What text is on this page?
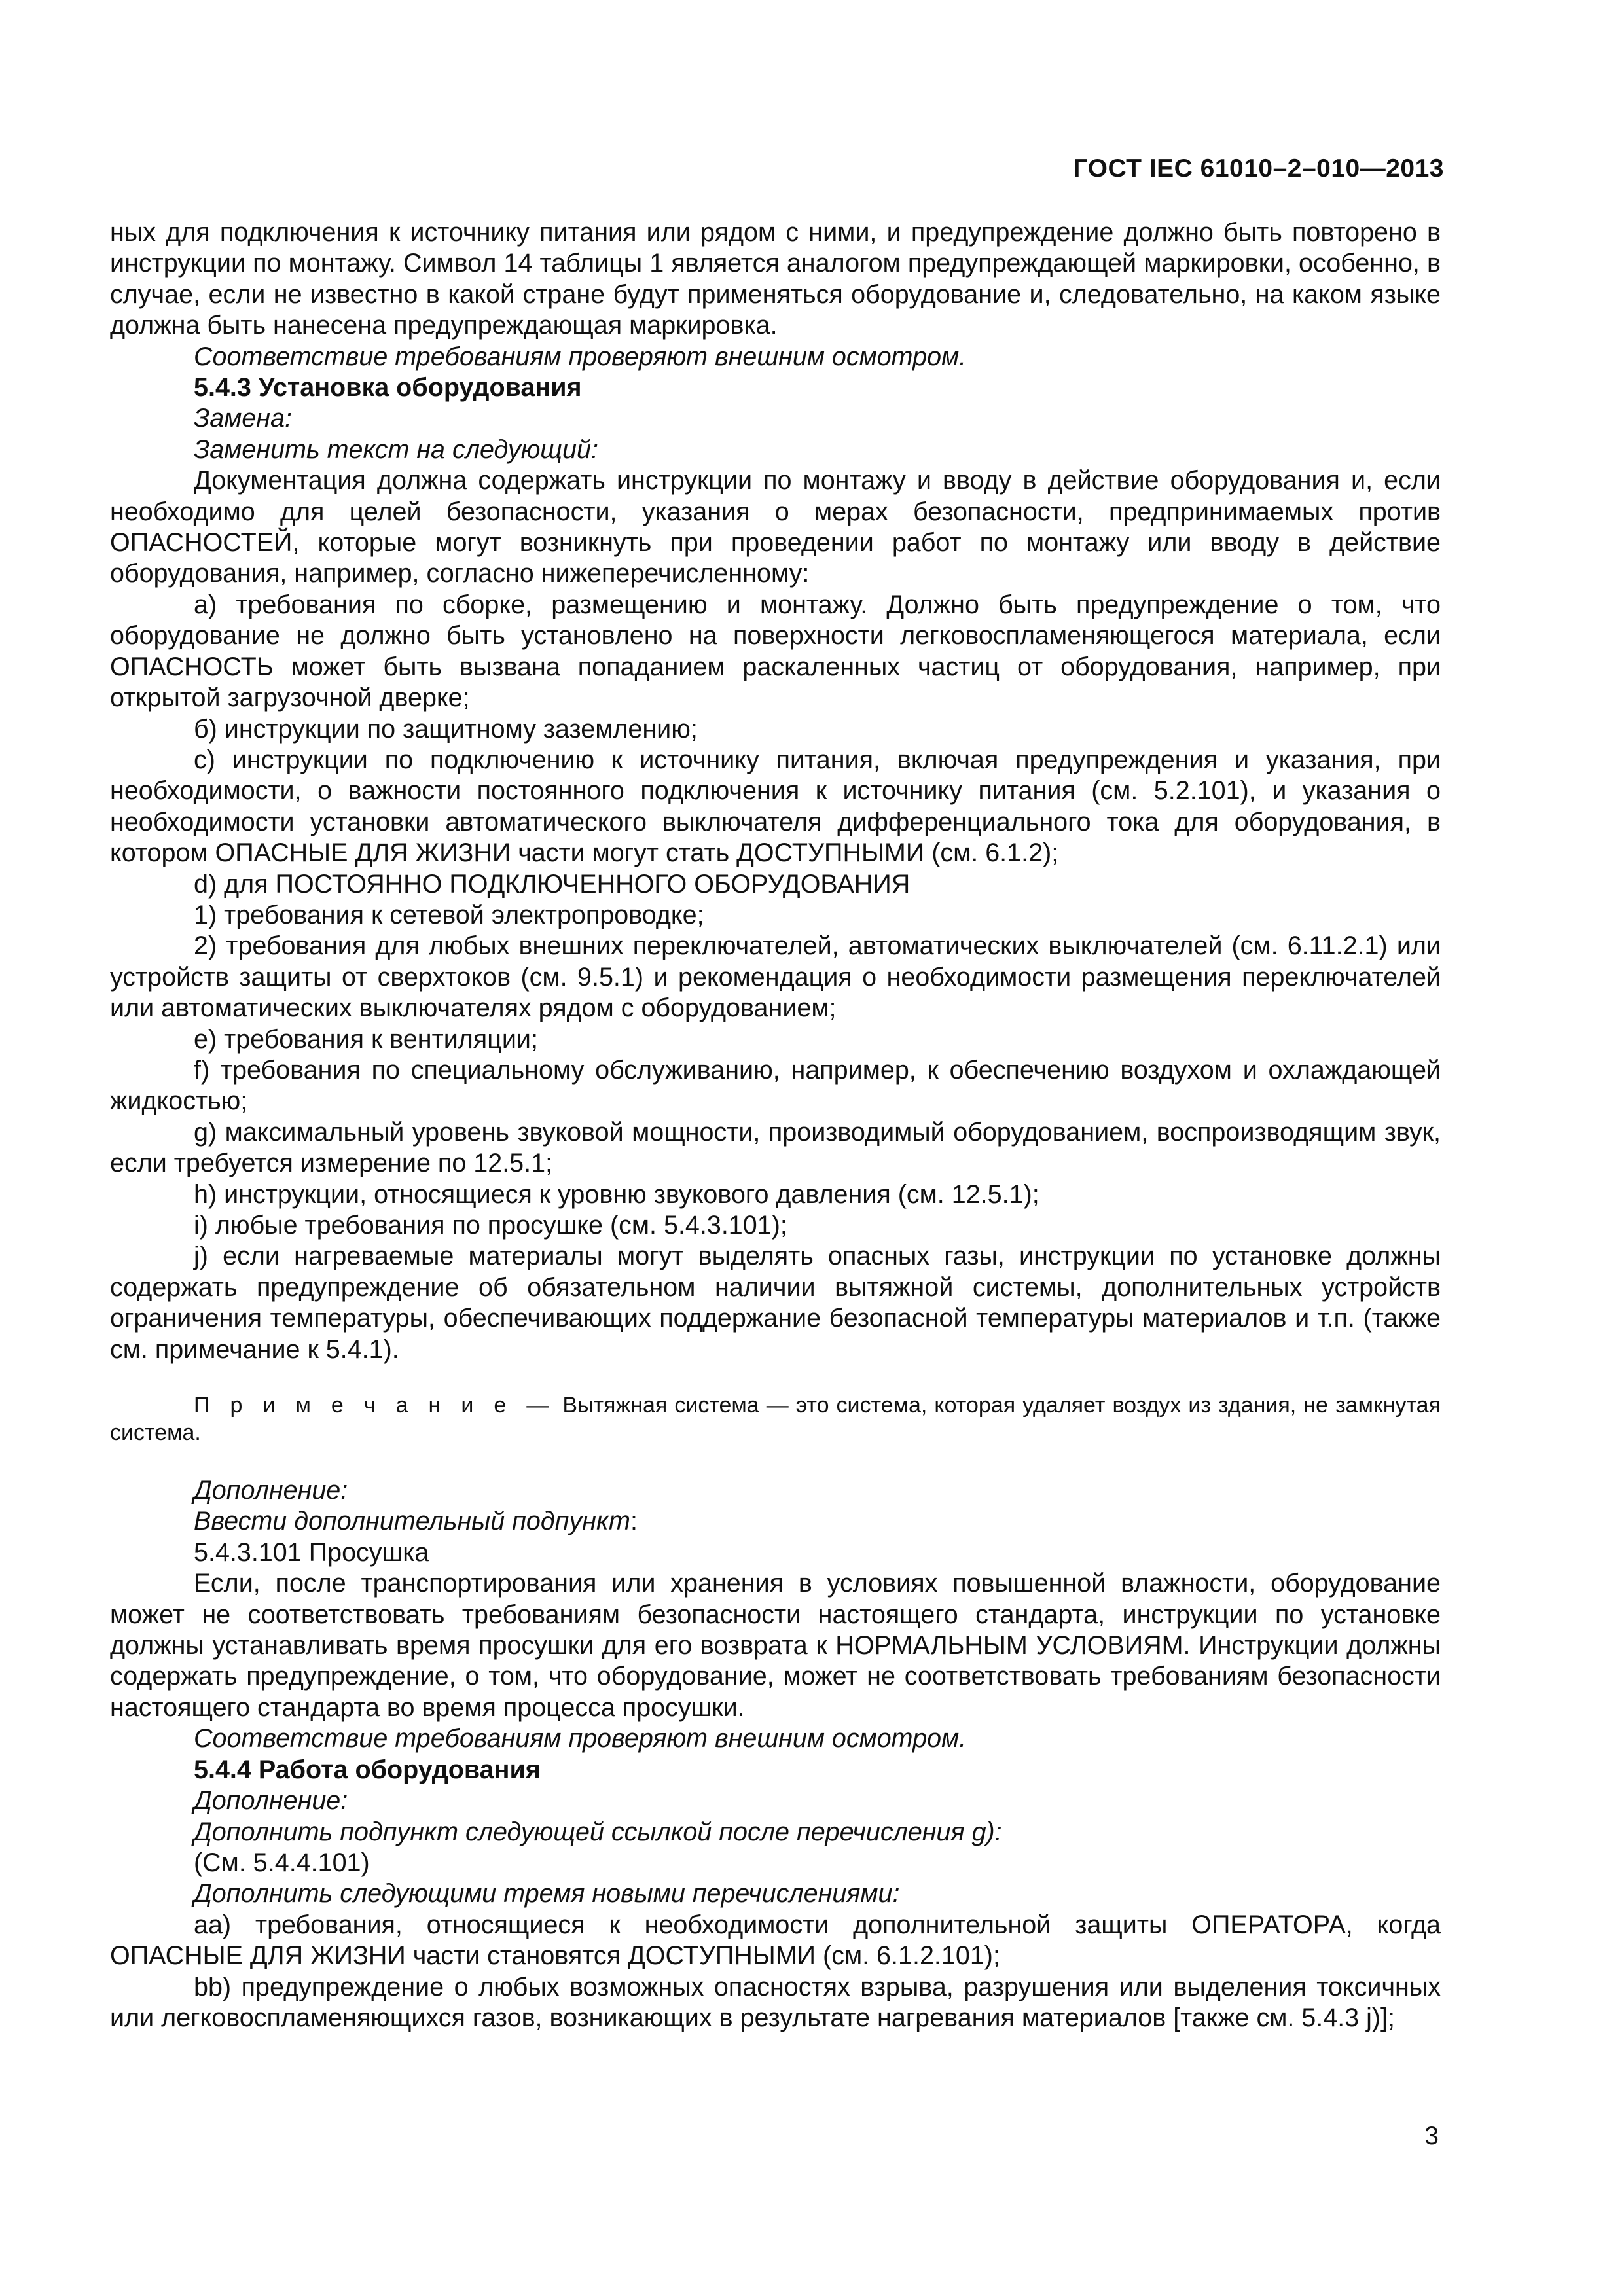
ГОСТ IEC 61010–2–010—2013

ных для подключения к источнику питания или рядом с ними, и предупреждение должно быть повторено в инструкции по монтажу. Символ 14 таблицы 1 является аналогом предупреждающей маркировки, особенно, в случае, если не известно в какой стране будут применяться оборудование и, следовательно, на каком языке должна быть нанесена предупреждающая маркировка.

Соответствие требованиям проверяют внешним осмотром.

5.4.3 Установка оборудования

Замена:

Заменить текст на следующий:

Документация должна содержать инструкции по монтажу и вводу в действие оборудования и, если необходимо для целей безопасности, указания о мерах безопасности, предпринимаемых против ОПАСНОСТЕЙ, которые могут возникнуть при проведении работ по монтажу или вводу в действие оборудования, например, согласно нижеперечисленному:

а) требования по сборке, размещению и монтажу. Должно быть предупреждение о том, что оборудование не должно быть установлено на поверхности легковоспламеняющегося материала, если ОПАСНОСТЬ может быть вызвана попаданием раскаленных частиц от оборудования, например, при открытой загрузочной дверке;

б) инструкции по защитному заземлению;

c) инструкции по подключению к источнику питания, включая предупреждения и указания, при необходимости, о важности постоянного подключения к источнику питания (см. 5.2.101), и указания о необходимости установки автоматического выключателя дифференциального тока для оборудования, в котором ОПАСНЫЕ ДЛЯ ЖИЗНИ части могут стать ДОСТУПНЫМИ (см. 6.1.2);

d) для ПОСТОЯННО ПОДКЛЮЧЕННОГО ОБОРУДОВАНИЯ

1) требования к сетевой электропроводке;

2) требования для любых внешних переключателей, автоматических выключателей (см. 6.11.2.1) или устройств защиты от сверхтоков (см. 9.5.1) и рекомендация о необходимости размещения переключателей или автоматических выключателях рядом с оборудованием;

e) требования к вентиляции;

f) требования по специальному обслуживанию, например, к обеспечению воздухом и охлаждающей жидкостью;

g) максимальный уровень звуковой мощности, производимый оборудованием, воспроизводящим звук, если требуется измерение по 12.5.1;

h) инструкции, относящиеся к уровню звукового давления (см. 12.5.1);

i) любые требования по просушке (см. 5.4.3.101);

j) если нагреваемые материалы могут выделять опасных газы, инструкции по установке должны содержать предупреждение об обязательном наличии вытяжной системы, дополнительных устройств ограничения температуры, обеспечивающих поддержание безопасной температуры материалов и т.п. (также см. примечание к 5.4.1).

П р и м е ч а н и е — Вытяжная система — это система, которая удаляет воздух из здания, не замкнутая система.

Дополнение:

Ввести дополнительный подпункт:

5.4.3.101 Просушка

Если, после транспортирования или хранения в условиях повышенной влажности, оборудование может не соответствовать требованиям безопасности настоящего стандарта, инструкции по установке должны устанавливать время просушки для его возврата к НОРМАЛЬНЫМ УСЛОВИЯМ. Инструкции должны содержать предупреждение, о том, что оборудование, может не соответствовать требованиям безопасности настоящего стандарта во время процесса просушки.

Соответствие требованиям проверяют внешним осмотром.

5.4.4 Работа оборудования

Дополнение:

Дополнить подпункт следующей ссылкой после перечисления g):

(См. 5.4.4.101)

Дополнить следующими тремя новыми перечислениями:

aa) требования, относящиеся к необходимости дополнительной защиты ОПЕРАТОРА, когда ОПАСНЫЕ ДЛЯ ЖИЗНИ части становятся ДОСТУПНЫМИ (см. 6.1.2.101);

bb) предупреждение о любых возможных опасностях взрыва, разрушения или выделения токсичных или легковоспламеняющихся газов, возникающих в результате нагревания материалов [также см. 5.4.3 j)];

3
